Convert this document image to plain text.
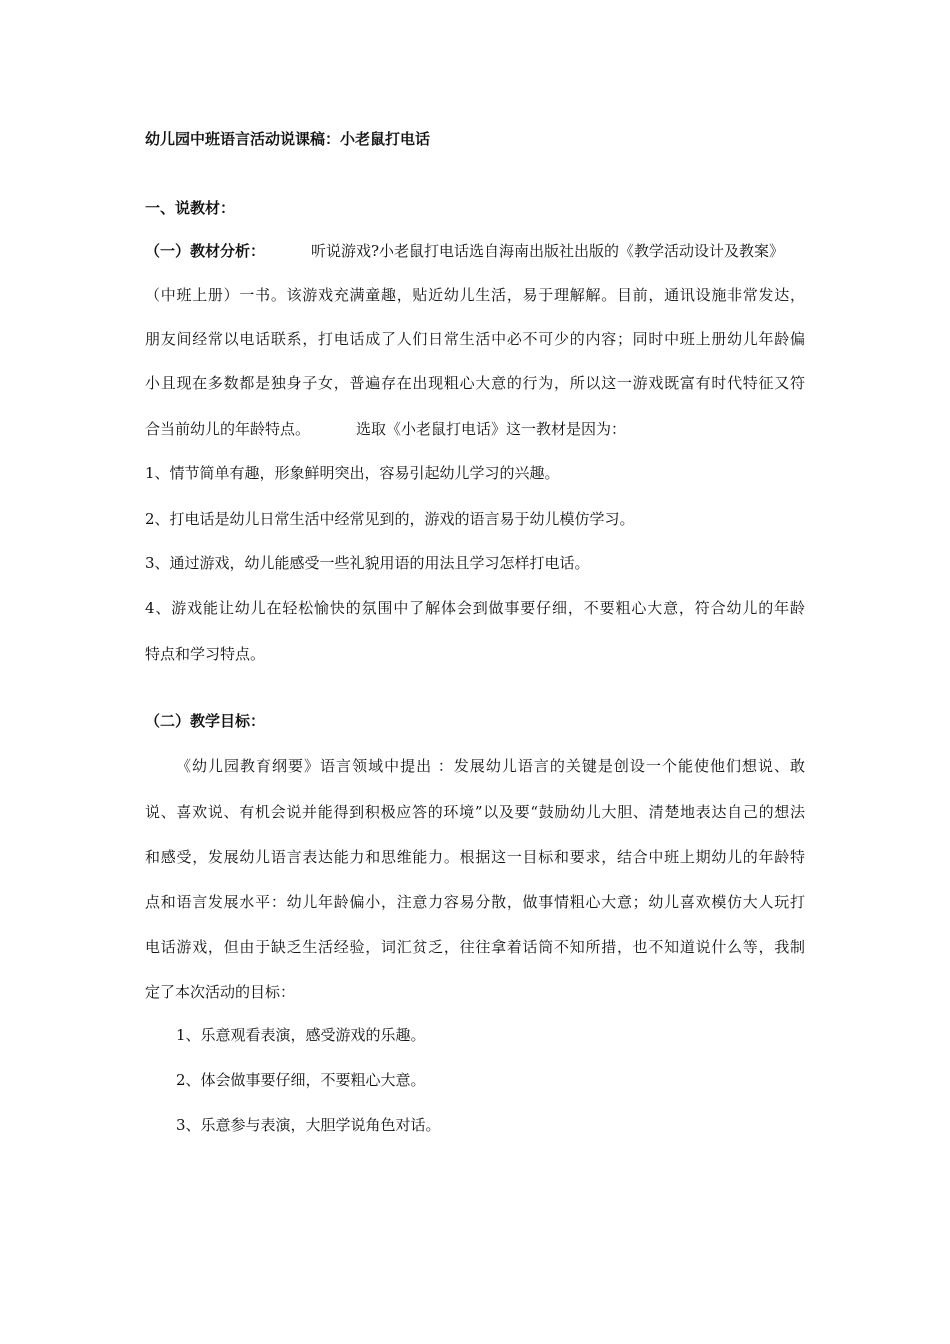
幼儿园中班语言活动说课稿：小老鼠打电话
一、说教材：
（一）教材分析：	听说游戏?小老鼠打电话选自海南出版社出版的《教学活动设计及教案》
（中班上册）一书。该游戏充满童趣，贴近幼儿生活，易于理解解。目前，通讯设施非常发达，
朋友间经常以电话联系，打电话成了人们日常生活中必不可少的内容；同时中班上册幼儿年龄偏
小且现在多数都是独身子女，普遍存在出现粗心大意的行为，所以这一游戏既富有时代特征又符
合当前幼儿的年龄特点。	选取《小老鼠打电话》这一教材是因为：
1、情节简单有趣，形象鲜明突出，容易引起幼儿学习的兴趣。
2、打电话是幼儿日常生活中经常见到的，游戏的语言易于幼儿模仿学习。
3、通过游戏，幼儿能感受一些礼貌用语的用法且学习怎样打电话。
4、游戏能让幼儿在轻松愉快的氛围中了解体会到做事要仔细，不要粗心大意，符合幼儿的年龄
特点和学习特点。
（二）教学目标：
《幼儿园教育纲要》语言领域中提出 ：发展幼儿语言的关键是创设一个能使他们想说、敢
说、喜欢说、有机会说并能得到积极应答的环境”以及要“鼓励幼儿大胆、清楚地表达自己的想法
和感受，发展幼儿语言表达能力和思维能力。根据这一目标和要求，结合中班上期幼儿的年龄特
点和语言发展水平：幼儿年龄偏小，注意力容易分散，做事情粗心大意；幼儿喜欢模仿大人玩打
电话游戏，但由于缺乏生活经验，词汇贫乏，往往拿着话筒不知所措，也不知道说什么等，我制
定了本次活动的目标：
1、乐意观看表演，感受游戏的乐趣。
2、体会做事要仔细，不要粗心大意。
3、乐意参与表演，大胆学说角色对话。
